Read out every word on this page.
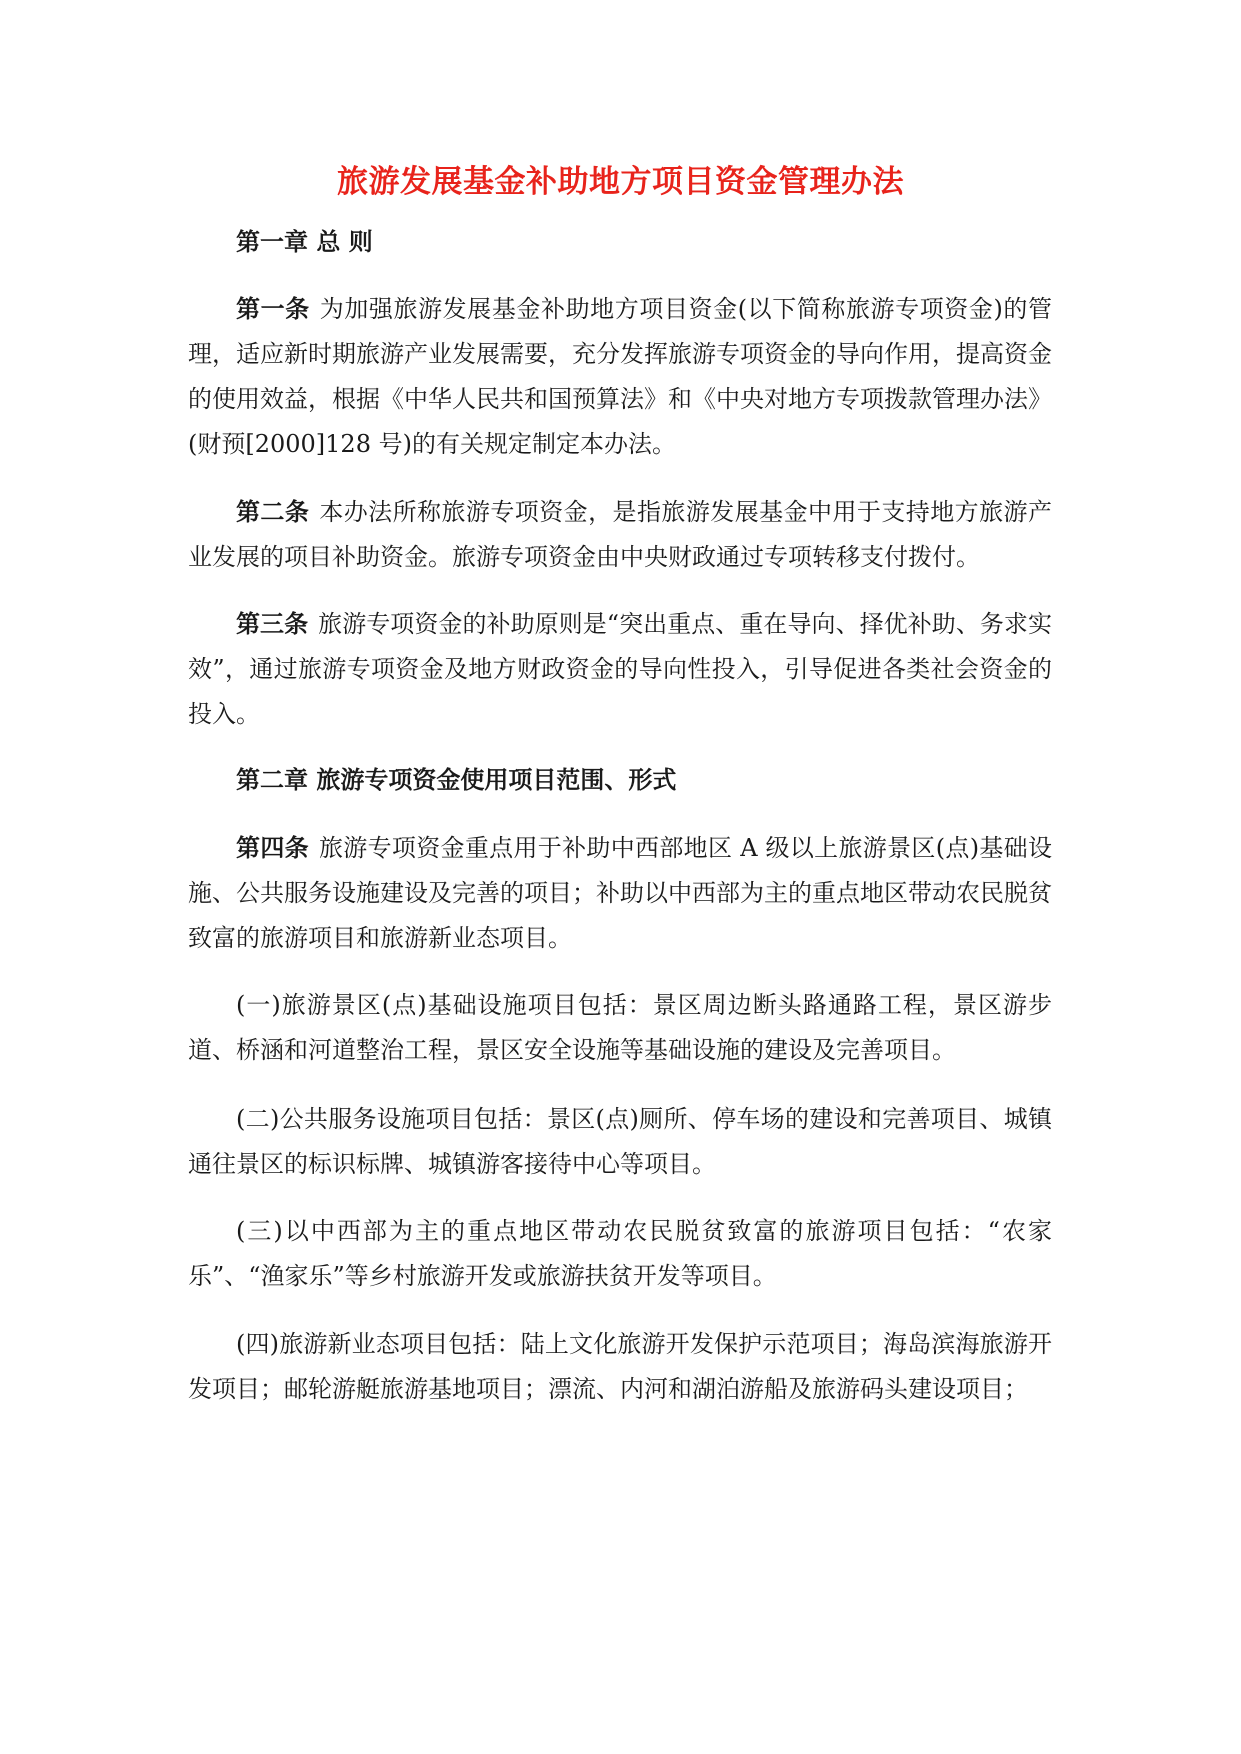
旅游发展基金补助地方项目资金管理办法
第一章 总 则

第一条 为加强旅游发展基金补助地方项目资金(以下简称旅游专项资金)的管理，适应新时期旅游产业发展需要，充分发挥旅游专项资金的导向作用，提高资金的使用效益，根据《中华人民共和国预算法》和《中央对地方专项拨款管理办法》(财预[2000]128 号)的有关规定制定本办法。

第二条 本办法所称旅游专项资金，是指旅游发展基金中用于支持地方旅游产业发展的项目补助资金。旅游专项资金由中央财政通过专项转移支付拨付。

第三条 旅游专项资金的补助原则是“突出重点、重在导向、择优补助、务求实效”，通过旅游专项资金及地方财政资金的导向性投入，引导促进各类社会资金的投入。

第二章 旅游专项资金使用项目范围、形式

第四条 旅游专项资金重点用于补助中西部地区 A 级以上旅游景区(点)基础设施、公共服务设施建设及完善的项目；补助以中西部为主的重点地区带动农民脱贫致富的旅游项目和旅游新业态项目。

(一)旅游景区(点)基础设施项目包括：景区周边断头路通路工程，景区游步道、桥涵和河道整治工程，景区安全设施等基础设施的建设及完善项目。

(二)公共服务设施项目包括：景区(点)厕所、停车场的建设和完善项目、城镇通往景区的标识标牌、城镇游客接待中心等项目。

(三)以中西部为主的重点地区带动农民脱贫致富的旅游项目包括：“农家乐”、“渔家乐”等乡村旅游开发或旅游扶贫开发等项目。

(四)旅游新业态项目包括：陆上文化旅游开发保护示范项目；海岛滨海旅游开发项目；邮轮游艇旅游基地项目；漂流、内河和湖泊游船及旅游码头建设项目；
